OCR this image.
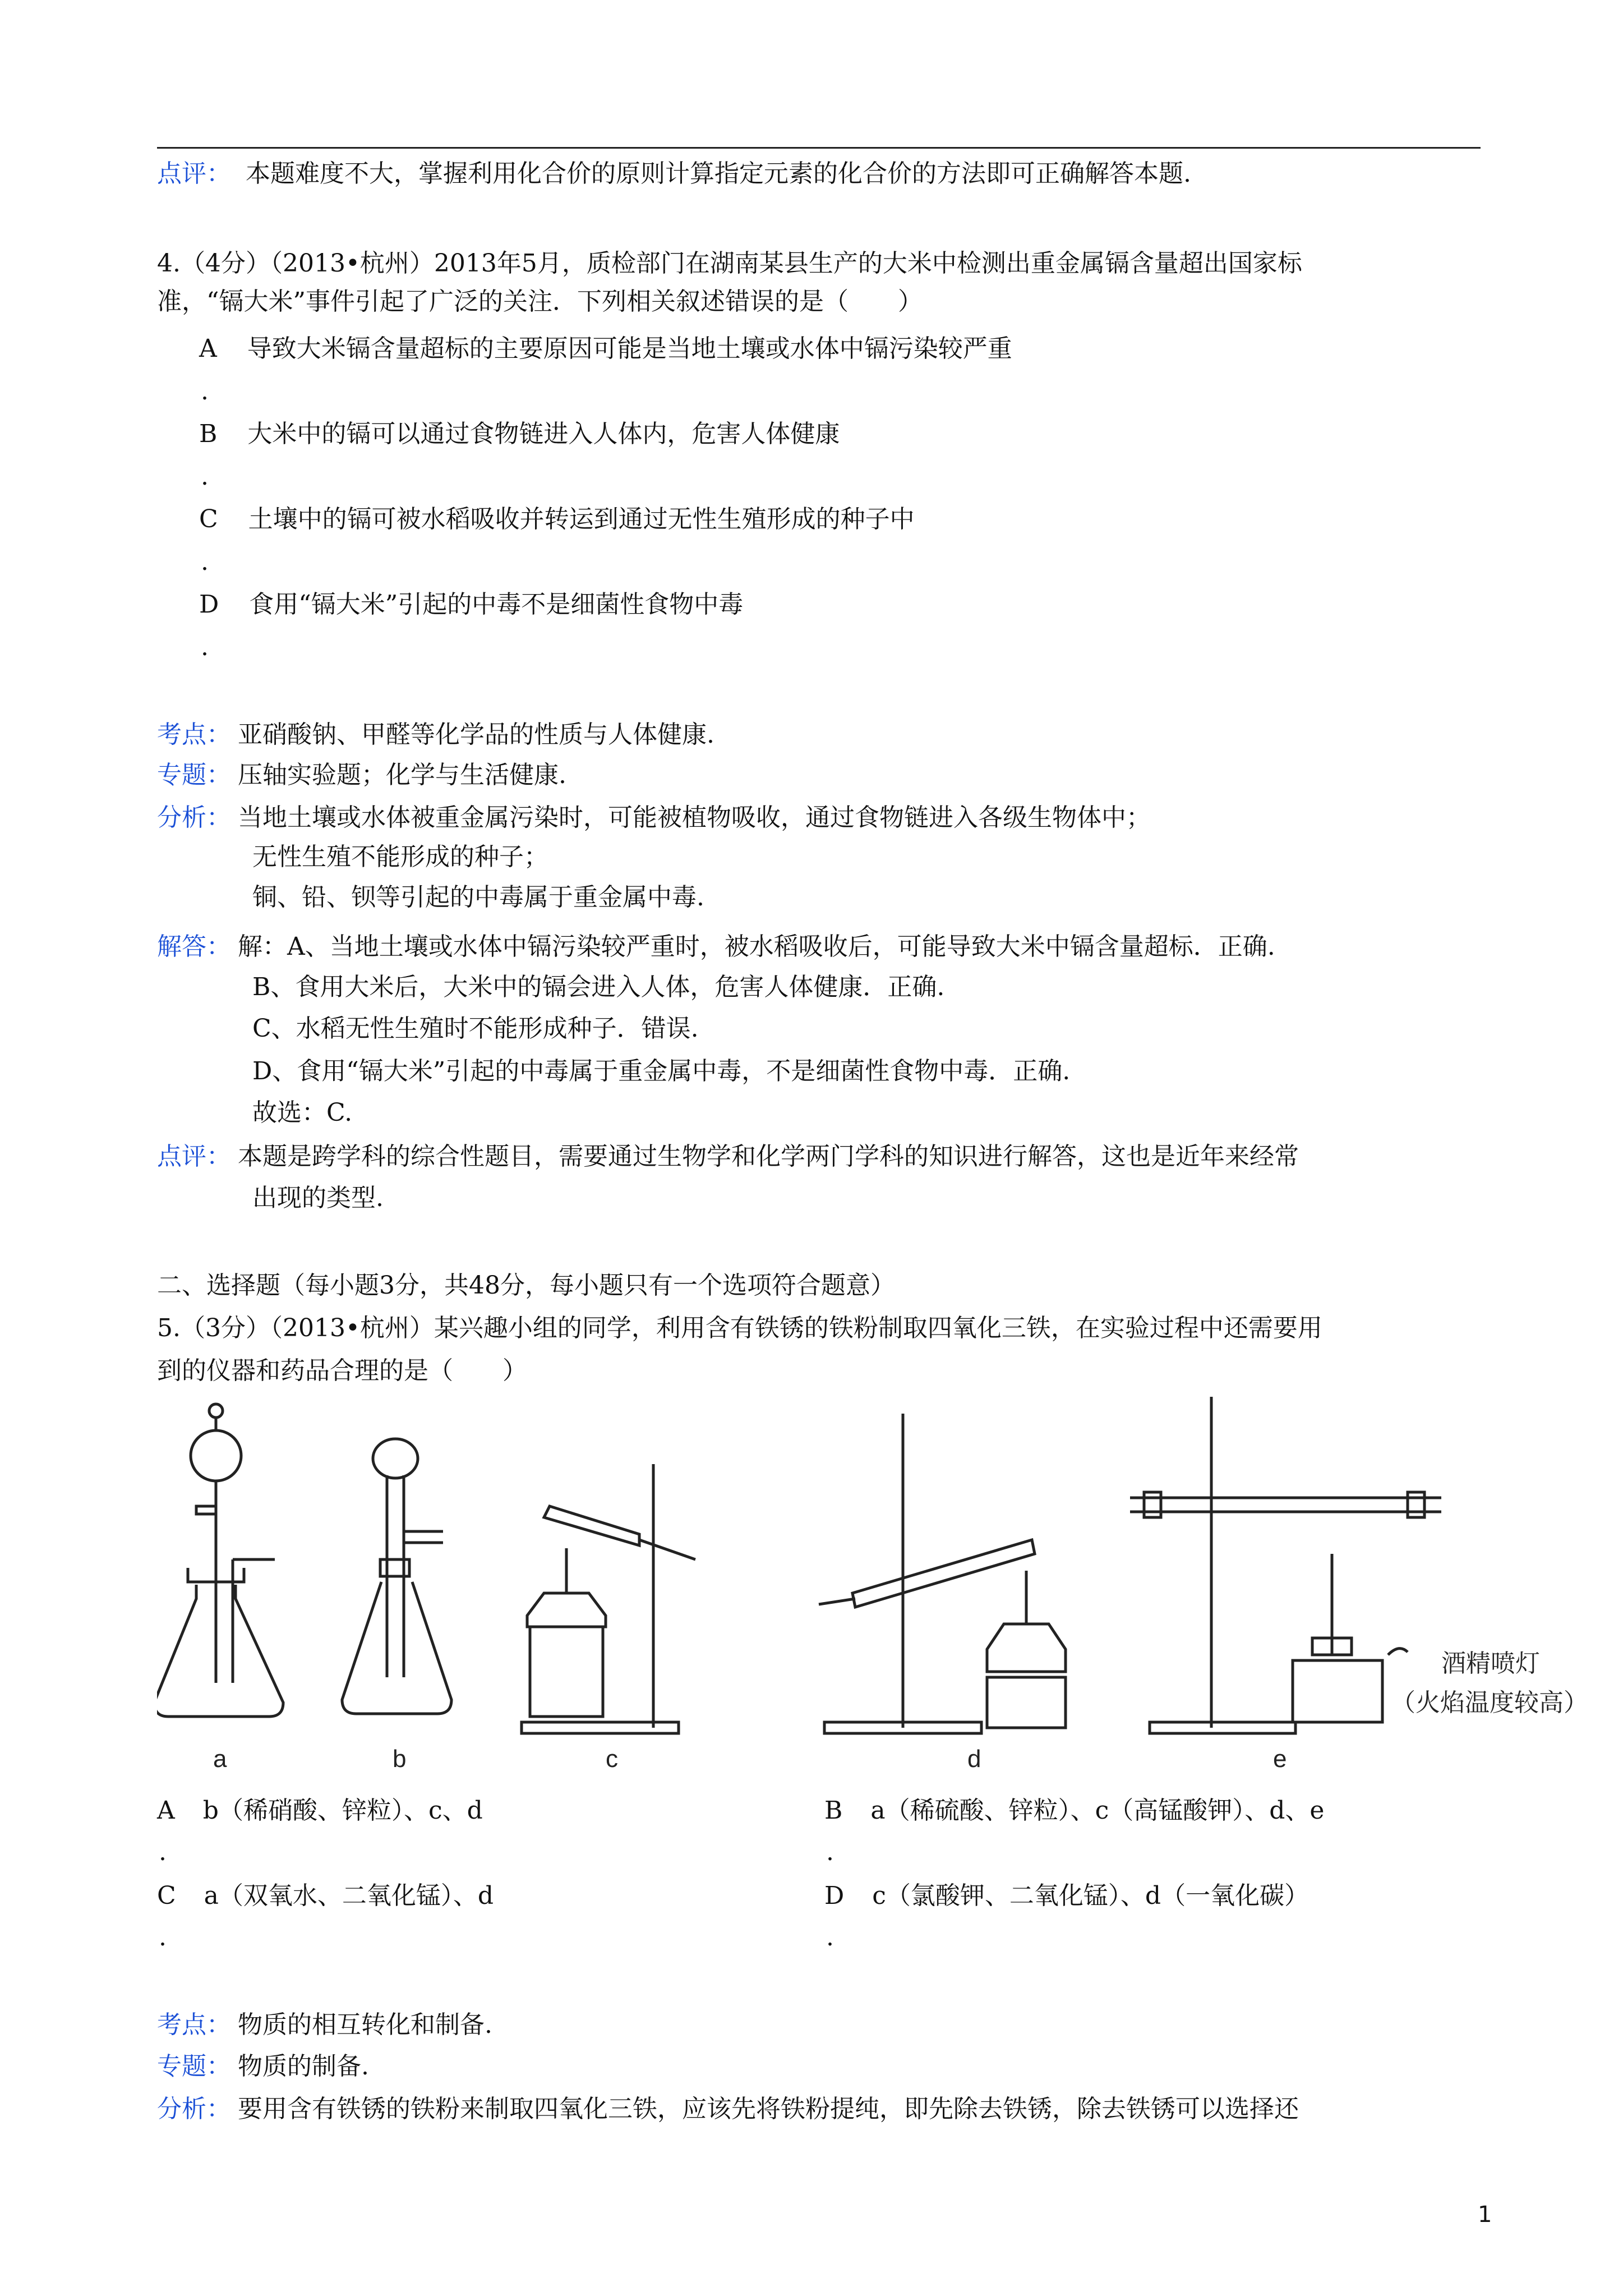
点评： 本题难度不大，掌握利用化合价的原则计算指定元素的化合价的方法即可正确解答本题.
4.（4分）（2013•杭州）2013年5月，质检部门在湖南某县生产的大米中检测出重金属镉含量超出国家标
准，“镉大米”事件引起了广泛的关注．下列相关叙述错误的是（　　）
A 导致大米镉含量超标的主要原因可能是当地土壤或水体中镉污染较严重
.
B 大米中的镉可以通过食物链进入人体内，危害人体健康
.
C 土壤中的镉可被水稻吸收并转运到通过无性生殖形成的种子中
.
D 食用“镉大米”引起的中毒不是细菌性食物中毒
.
考点： 亚硝酸钠、甲醛等化学品的性质与人体健康.
专题： 压轴实验题；化学与生活健康.
分析： 当地土壤或水体被重金属污染时，可能被植物吸收，通过食物链进入各级生物体中；
无性生殖不能形成的种子；
铜、铅、钡等引起的中毒属于重金属中毒.
解答： 解：A、当地土壤或水体中镉污染较严重时，被水稻吸收后，可能导致大米中镉含量超标．正确.
B、食用大米后，大米中的镉会进入人体，危害人体健康．正确.
C、水稻无性生殖时不能形成种子．错误.
D、食用“镉大米”引起的中毒属于重金属中毒，不是细菌性食物中毒．正确.
故选：C.
点评： 本题是跨学科的综合性题目，需要通过生物学和化学两门学科的知识进行解答，这也是近年来经常
出现的类型.
二、选择题（每小题3分，共48分，每小题只有一个选项符合题意）
5.（3分）（2013•杭州）某兴趣小组的同学，利用含有铁锈的铁粉制取四氧化三铁，在实验过程中还需要用
到的仪器和药品合理的是（　　）
a	b	c	d	e
酒精喷灯
（火焰温度较高）
A b（稀硝酸、锌粒）、c、d	B a（稀硫酸、锌粒）、c（高锰酸钾）、d、e
.	.
C a（双氧水、二氧化锰）、d	D c（氯酸钾、二氧化锰）、d（一氧化碳）
.	.
考点： 物质的相互转化和制备.
专题： 物质的制备.
分析： 要用含有铁锈的铁粉来制取四氧化三铁，应该先将铁粉提纯，即先除去铁锈，除去铁锈可以选择还
1
